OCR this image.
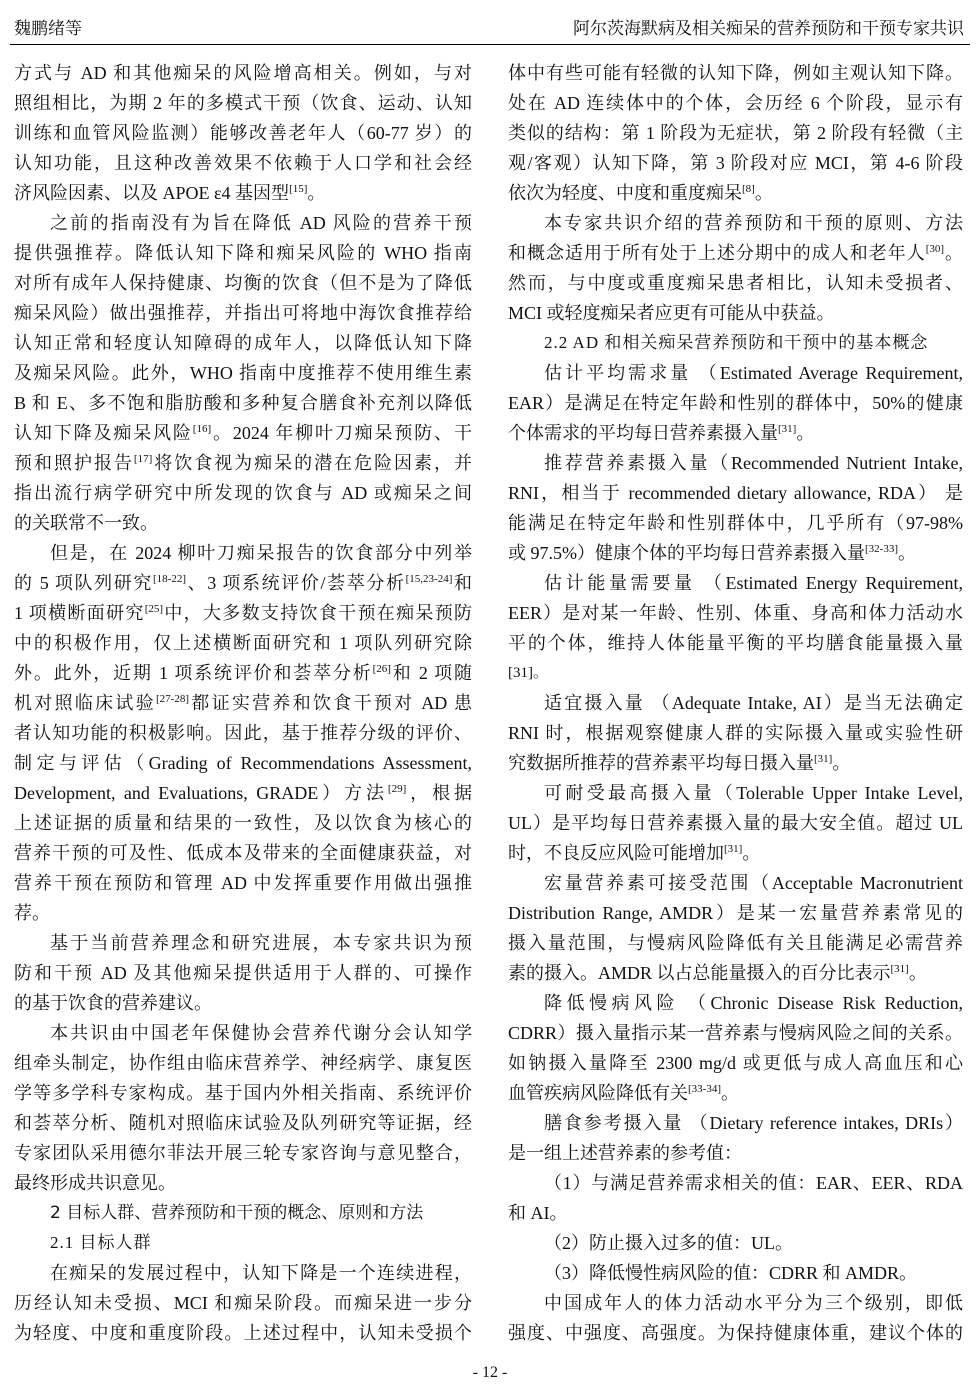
魏鹏绪等	阿尔茨海默病及相关痴呆的营养预防和干预专家共识
方式与 AD 和其他痴呆的风险增高相关。例如，与对
照组相比，为期 2 年的多模式干预（饮食、运动、认知
训练和血管风险监测）能够改善老年人（60-77 岁）的
认知功能，且这种改善效果不依赖于人口学和社会经
济风险因素、以及 APOE ε4 基因型[15]。
之前的指南没有为旨在降低 AD 风险的营养干预
提供强推荐。降低认知下降和痴呆风险的 WHO 指南
对所有成年人保持健康、均衡的饮食（但不是为了降低
痴呆风险）做出强推荐，并指出可将地中海饮食推荐给
认知正常和轻度认知障碍的成年人，以降低认知下降
及痴呆风险。此外，WHO 指南中度推荐不使用维生素
B 和 E、多不饱和脂肪酸和多种复合膳食补充剂以降低
认知下降及痴呆风险[16]。2024 年柳叶刀痴呆预防、干
预和照护报告[17]将饮食视为痴呆的潜在危险因素，并
指出流行病学研究中所发现的饮食与 AD 或痴呆之间
的关联常不一致。
但是，在 2024 柳叶刀痴呆报告的饮食部分中列举
的 5 项队列研究[18-22]、3 项系统评价/荟萃分析[15,23-24]和
1 项横断面研究[25]中，大多数支持饮食干预在痴呆预防
中的积极作用，仅上述横断面研究和 1 项队列研究除
外。此外，近期 1 项系统评价和荟萃分析[26]和 2 项随
机对照临床试验[27-28]都证实营养和饮食干预对 AD 患
者认知功能的积极影响。因此，基于推荐分级的评价、
制定与评估（Grading of Recommendations Assessment,
Development, and Evaluations, GRADE）方法[29]，根据
上述证据的质量和结果的一致性，及以饮食为核心的
营养干预的可及性、低成本及带来的全面健康获益，对
营养干预在预防和管理 AD 中发挥重要作用做出强推
荐。
基于当前营养理念和研究进展，本专家共识为预
防和干预 AD 及其他痴呆提供适用于人群的、可操作
的基于饮食的营养建议。
本共识由中国老年保健协会营养代谢分会认知学
组牵头制定，协作组由临床营养学、神经病学、康复医
学等多学科专家构成。基于国内外相关指南、系统评价
和荟萃分析、随机对照临床试验及队列研究等证据，经
专家团队采用德尔菲法开展三轮专家咨询与意见整合，
最终形成共识意见。
2 目标人群、营养预防和干预的概念、原则和方法
2.1 目标人群
在痴呆的发展过程中，认知下降是一个连续进程，
历经认知未受损、MCI 和痴呆阶段。而痴呆进一步分
为轻度、中度和重度阶段。上述过程中，认知未受损个
体中有些可能有轻微的认知下降，例如主观认知下降。
处在 AD 连续体中的个体，会历经 6 个阶段，显示有
类似的结构：第 1 阶段为无症状，第 2 阶段有轻微（主
观/客观）认知下降，第 3 阶段对应 MCI，第 4-6 阶段
依次为轻度、中度和重度痴呆[8]。
本专家共识介绍的营养预防和干预的原则、方法
和概念适用于所有处于上述分期中的成人和老年人[30]。
然而，与中度或重度痴呆患者相比，认知未受损者、
MCI 或轻度痴呆者应更有可能从中获益。
2.2 AD 和相关痴呆营养预防和干预中的基本概念
估计平均需求量 （Estimated Average Requirement,
EAR）是满足在特定年龄和性别的群体中，50%的健康
个体需求的平均每日营养素摄入量[31]。
推荐营养素摄入量（Recommended Nutrient Intake,
RNI，相当于 recommended dietary allowance, RDA） 是
能满足在特定年龄和性别群体中，几乎所有（97-98%
或 97.5%）健康个体的平均每日营养素摄入量[32-33]。
估计能量需要量 （Estimated Energy Requirement,
EER）是对某一年龄、性别、体重、身高和体力活动水
平的个体，维持人体能量平衡的平均膳食能量摄入量
[31]。
适宜摄入量 （Adequate Intake, AI）是当无法确定
RNI 时，根据观察健康人群的实际摄入量或实验性研
究数据所推荐的营养素平均每日摄入量[31]。
可耐受最高摄入量（Tolerable Upper Intake Level,
UL）是平均每日营养素摄入量的最大安全值。超过 UL
时，不良反应风险可能增加[31]。
宏量营养素可接受范围（Acceptable Macronutrient
Distribution Range, AMDR）是某一宏量营养素常见的
摄入量范围，与慢病风险降低有关且能满足必需营养
素的摄入。AMDR 以占总能量摄入的百分比表示[31]。
降低慢病风险 （Chronic Disease Risk Reduction,
CDRR）摄入量指示某一营养素与慢病风险之间的关系。
如钠摄入量降至 2300 mg/d 或更低与成人高血压和心
血管疾病风险降低有关[33-34]。
膳食参考摄入量 （Dietary reference intakes, DRIs）
是一组上述营养素的参考值：
（1）与满足营养需求相关的值：EAR、EER、RDA
和 AI。
（2）防止摄入过多的值：UL。
（3）降低慢性病风险的值：CDRR 和 AMDR。
中国成年人的体力活动水平分为三个级别，即低
强度、中强度、高强度。为保持健康体重，建议个体的
- 12 -
